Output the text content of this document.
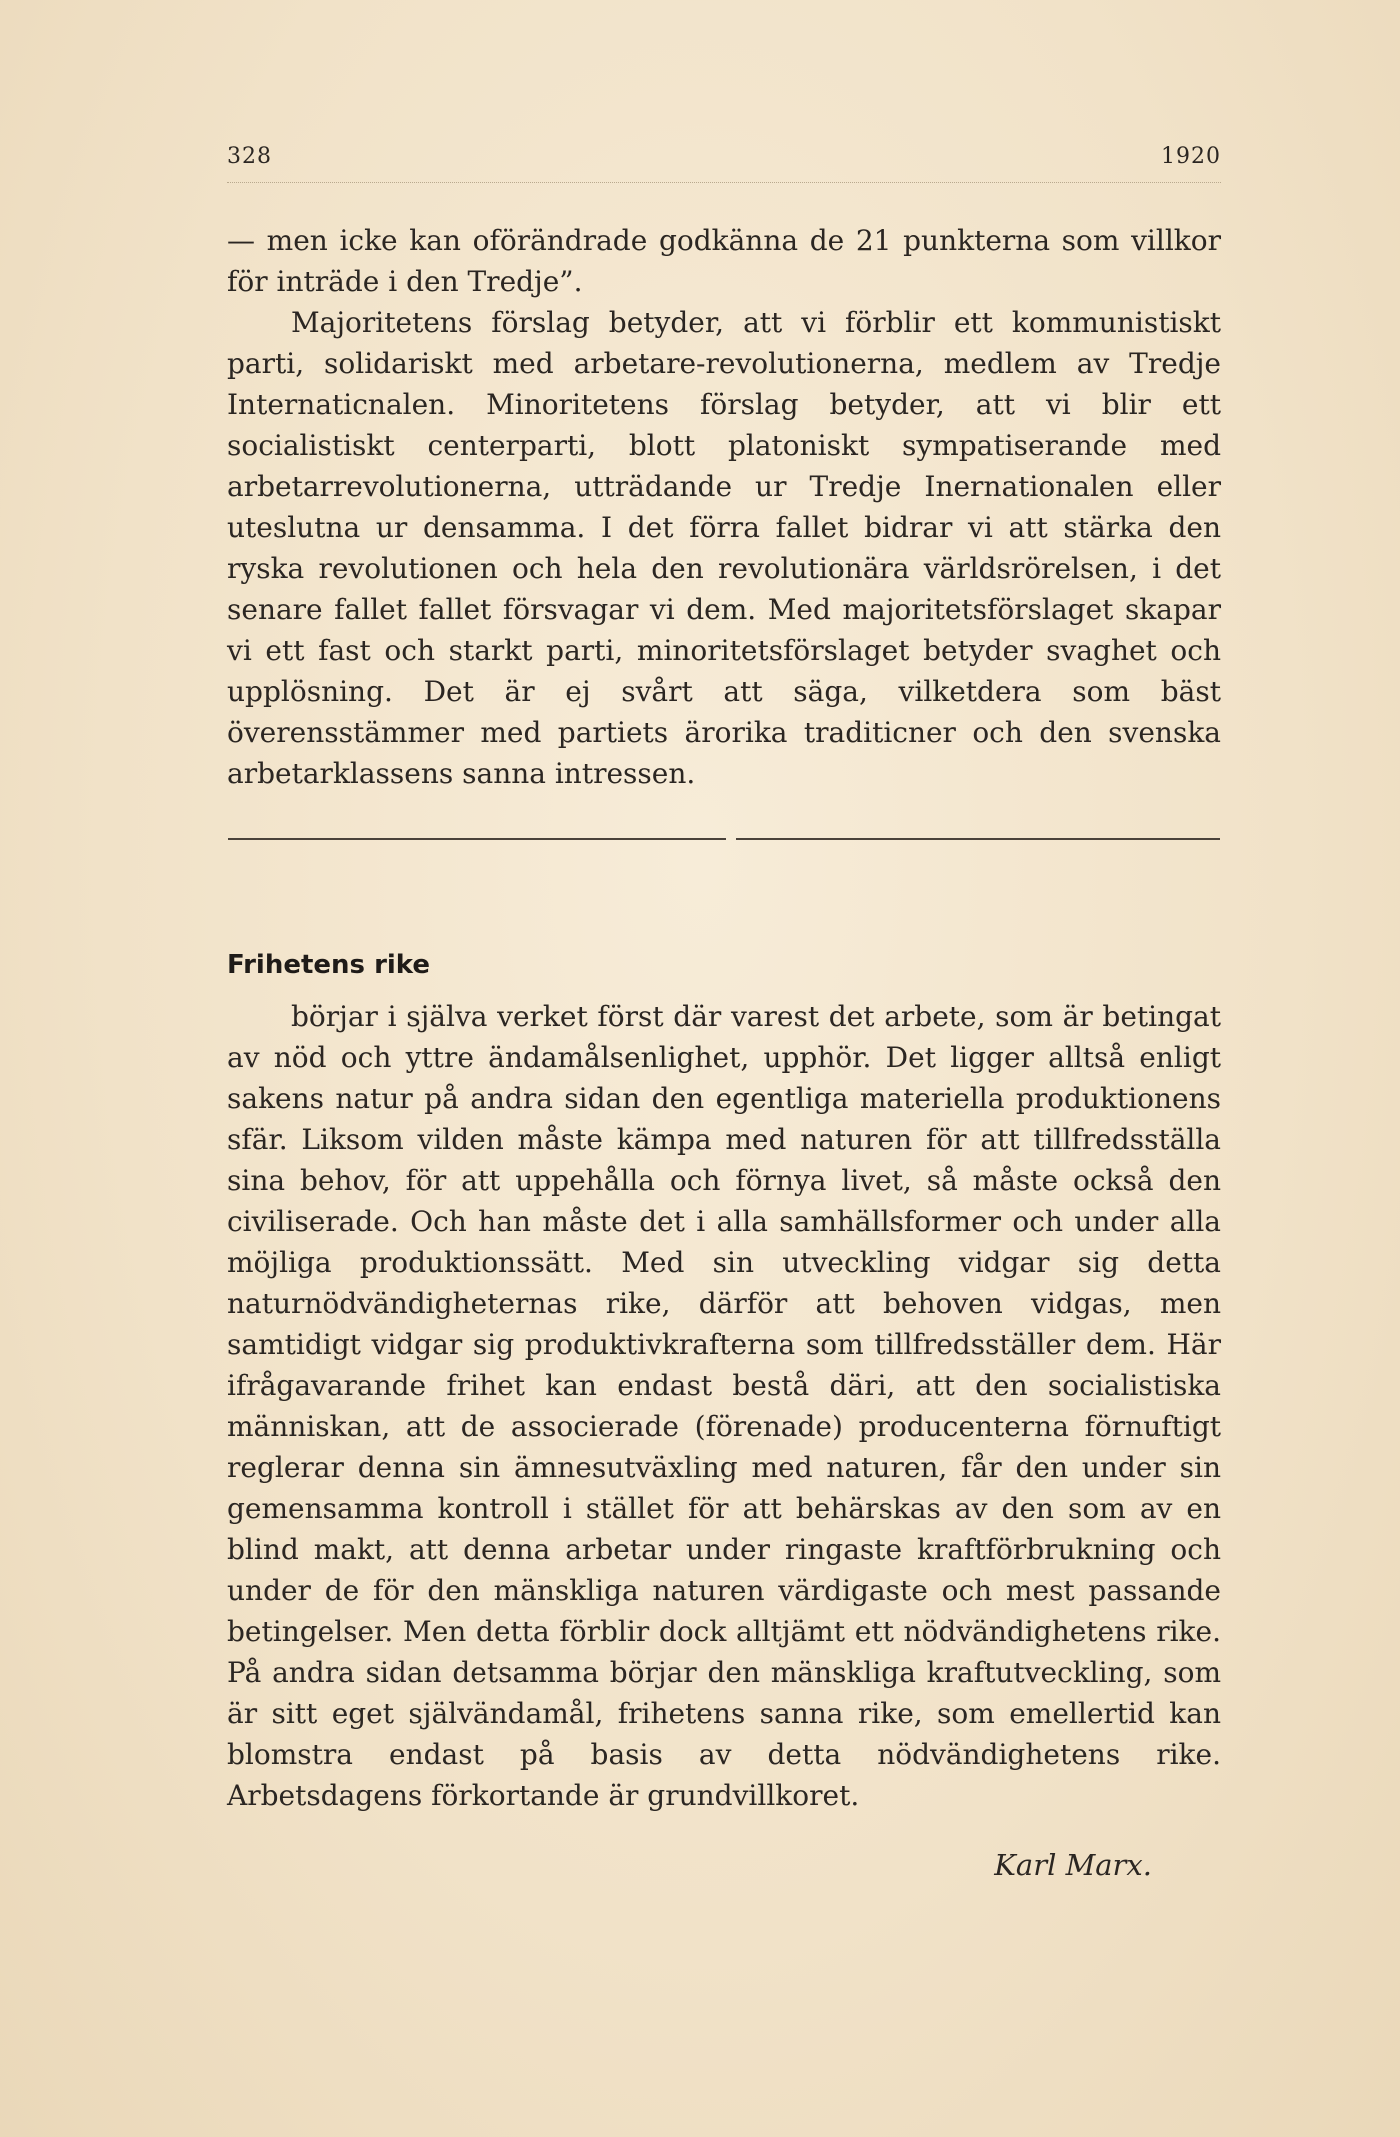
328	1920

— men icke kan oförändrade godkänna de 21 punkterna som villkor för inträde i den Tredje”.

Majoritetens förslag betyder, att vi förblir ett kommunistiskt parti, solidariskt med arbetare-revolutionerna, medlem av Tredje Internaticnalen. Minoritetens förslag betyder, att vi blir ett socialistiskt centerparti, blott platoniskt sympatiserande med arbetarrevolutionerna, utträdande ur Tredje Inernationalen eller uteslutna ur densamma. I det förra fallet bidrar vi att stärka den ryska revolutionen och hela den revolutionära världsrörelsen, i det senare fallet fallet försvagar vi dem. Med majoritetsförslaget skapar vi ett fast och starkt parti, minoritetsförslaget betyder svaghet och upplösning. Det är ej svårt att säga, vilketdera som bäst överensstämmer med partiets ärorika traditicner och den svenska arbetarklassens sanna intressen.

Frihetens rike

börjar i själva verket först där varest det arbete, som är betingat av nöd och yttre ändamålsenlighet, upphör. Det ligger alltså enligt sakens natur på andra sidan den egentliga materiella produktionens sfär. Liksom vilden måste kämpa med naturen för att tillfredsställa sina behov, för att uppehålla och förnya livet, så måste också den civiliserade. Och han måste det i alla samhällsformer och under alla möjliga produktionssätt. Med sin utveckling vidgar sig detta naturnödvändigheternas rike, därför att behoven vidgas, men samtidigt vidgar sig produktivkrafterna som tillfredsställer dem. Här ifrågavarande frihet kan endast bestå däri, att den socialistiska människan, att de associerade (förenade) producenterna förnuftigt reglerar denna sin ämnesutväxling med naturen, får den under sin gemensamma kontroll i stället för att behärskas av den som av en blind makt, att denna arbetar under ringaste kraftförbrukning och under de för den mänskliga naturen värdigaste och mest passande betingelser. Men detta förblir dock alltjämt ett nödvändighetens rike. På andra sidan detsamma börjar den mänskliga kraftutveckling, som är sitt eget självändamål, frihetens sanna rike, som emellertid kan blomstra endast på basis av detta nödvändighetens rike. Arbetsdagens förkortande är grundvillkoret.

Karl Marx.
